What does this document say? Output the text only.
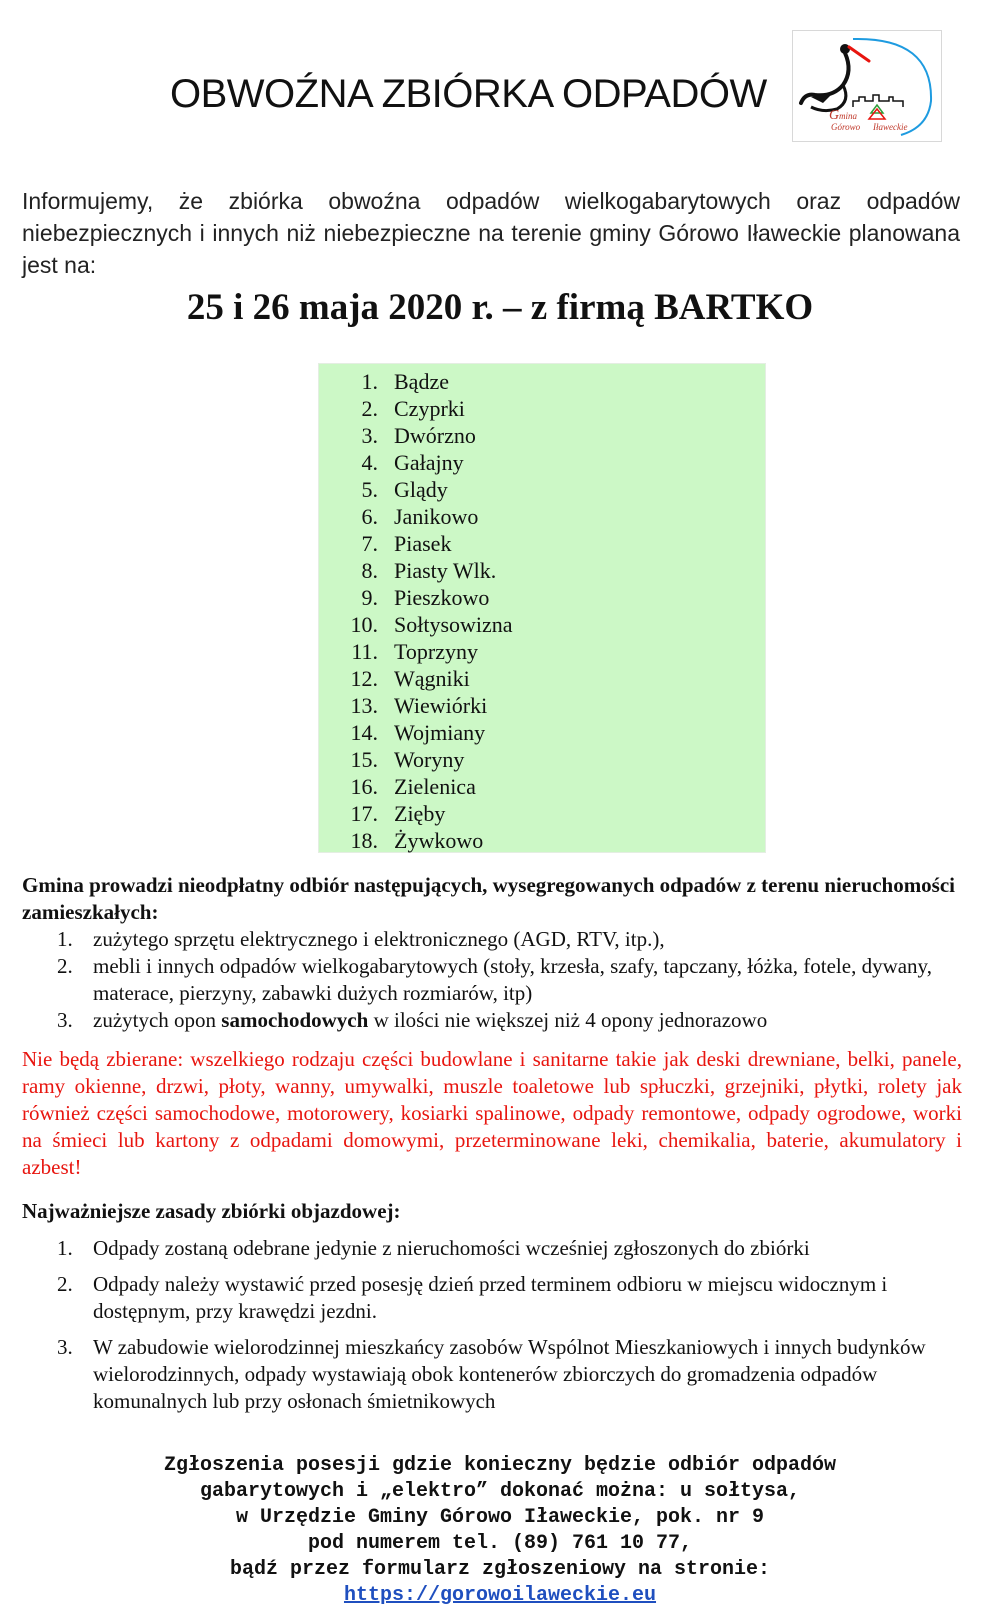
OBWOŹNA ZBIÓRKA ODPADÓW	mina
Górowo Iławeckie
G

Informujemy, że zbiórka obwoźna odpadów wielkogabarytowych oraz odpadów niebezpiecznych i innych niż niebezpieczne na terenie gminy Górowo Iławeckie planowana jest na:

25 i 26 maja 2020 r. – z firmą BARTKO

1. Bądze
2. Czyprki
3. Dwórzno
4. Gałajny
5. Glądy
6. Janikowo
7. Piasek
8. Piasty Wlk.
9. Pieszkowo
10. Sołtysowizna
11. Toprzyny
12. Wągniki
13. Wiewiórki
14. Wojmiany
15. Woryny
16. Zielenica
17. Zięby
18. Żywkowo

Gmina prowadzi nieodpłatny odbiór następujących, wysegregowanych odpadów z terenu nieruchomości zamieszkałych:

1. zużytego sprzętu elektrycznego i elektronicznego (AGD, RTV, itp.),
2. mebli i innych odpadów wielkogabarytowych (stoły, krzesła, szafy, tapczany, łóżka, fotele, dywany, materace, pierzyny, zabawki dużych rozmiarów, itp)
3. zużytych opon samochodowych w ilości nie większej niż 4 opony jednorazowo

Nie będą zbierane: wszelkiego rodzaju części budowlane i sanitarne takie jak deski drewniane, belki, panele, ramy okienne, drzwi, płoty, wanny, umywalki, muszle toaletowe lub spłuczki, grzejniki, płytki, rolety jak również części samochodowe, motorowery, kosiarki spalinowe, odpady remontowe, odpady ogrodowe, worki na śmieci lub kartony z odpadami domowymi, przeterminowane leki, chemikalia, baterie, akumulatory i azbest!

Najważniejsze zasady zbiórki objazdowej:

1. Odpady zostaną odebrane jedynie z nieruchomości wcześniej zgłoszonych do zbiórki
2. Odpady należy wystawić przed posesję dzień przed terminem odbioru w miejscu widocznym i dostępnym, przy krawędzi jezdni.
3. W zabudowie wielorodzinnej mieszkańcy zasobów Wspólnot Mieszkaniowych i innych budynków wielorodzinnych, odpady wystawiają obok kontenerów zbiorczych do gromadzenia odpadów komunalnych lub przy osłonach śmietnikowych
Zgłoszenia posesji gdzie konieczny będzie odbiór odpadów
gabarytowych i „elektro” dokonać można: u sołtysa,
w Urzędzie Gminy Górowo Iławeckie, pok. nr 9
pod numerem tel. (89) 761 10 77,
bądź przez formularz zgłoszeniowy na stronie:
https://gorowoilaweckie.eu
